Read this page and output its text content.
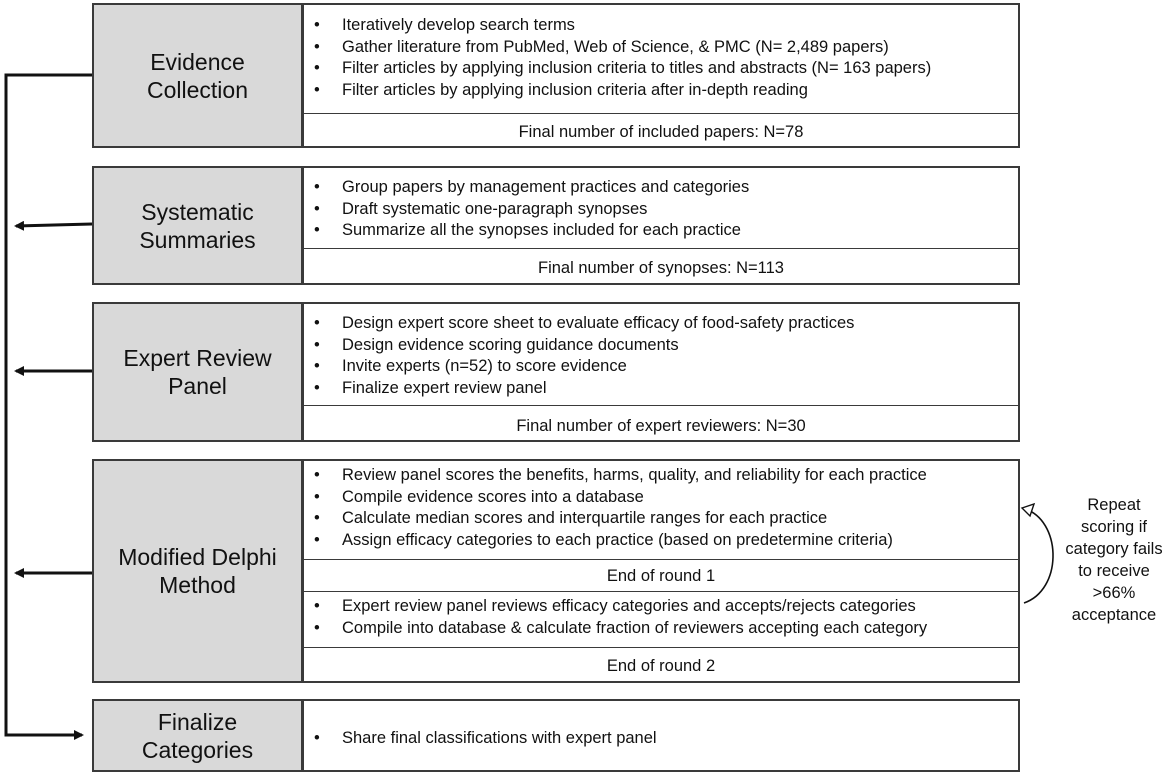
Evidence
Collection
• Iteratively develop search terms
• Gather literature from PubMed, Web of Science, & PMC (N= 2,489 papers)
• Filter articles by applying inclusion criteria to titles and abstracts (N= 163 papers)
• Filter articles by applying inclusion criteria after in-depth reading
Final number of included papers: N=78
Systematic
Summaries
• Group papers by management practices and categories
• Draft systematic one-paragraph synopses
• Summarize all the synopses included for each practice
Final number of synopses: N=113
Expert Review
Panel
• Design expert score sheet to evaluate efficacy of food-safety practices
• Design evidence scoring guidance documents
• Invite experts (n=52) to score evidence
• Finalize expert review panel
Final number of expert reviewers: N=30
Modified Delphi
Method
• Review panel scores the benefits, harms, quality, and reliability for each practice
• Compile evidence scores into a database
• Calculate median scores and interquartile ranges for each practice
• Assign efficacy categories to each practice (based on predetermine criteria)
End of round 1
• Expert review panel reviews efficacy categories and accepts/rejects categories
• Compile into database & calculate fraction of reviewers accepting each category
End of round 2
Finalize
Categories
•	Share final classifications with expert panel
Repeat
scoring if
category fails
to receive
>66%
acceptance
